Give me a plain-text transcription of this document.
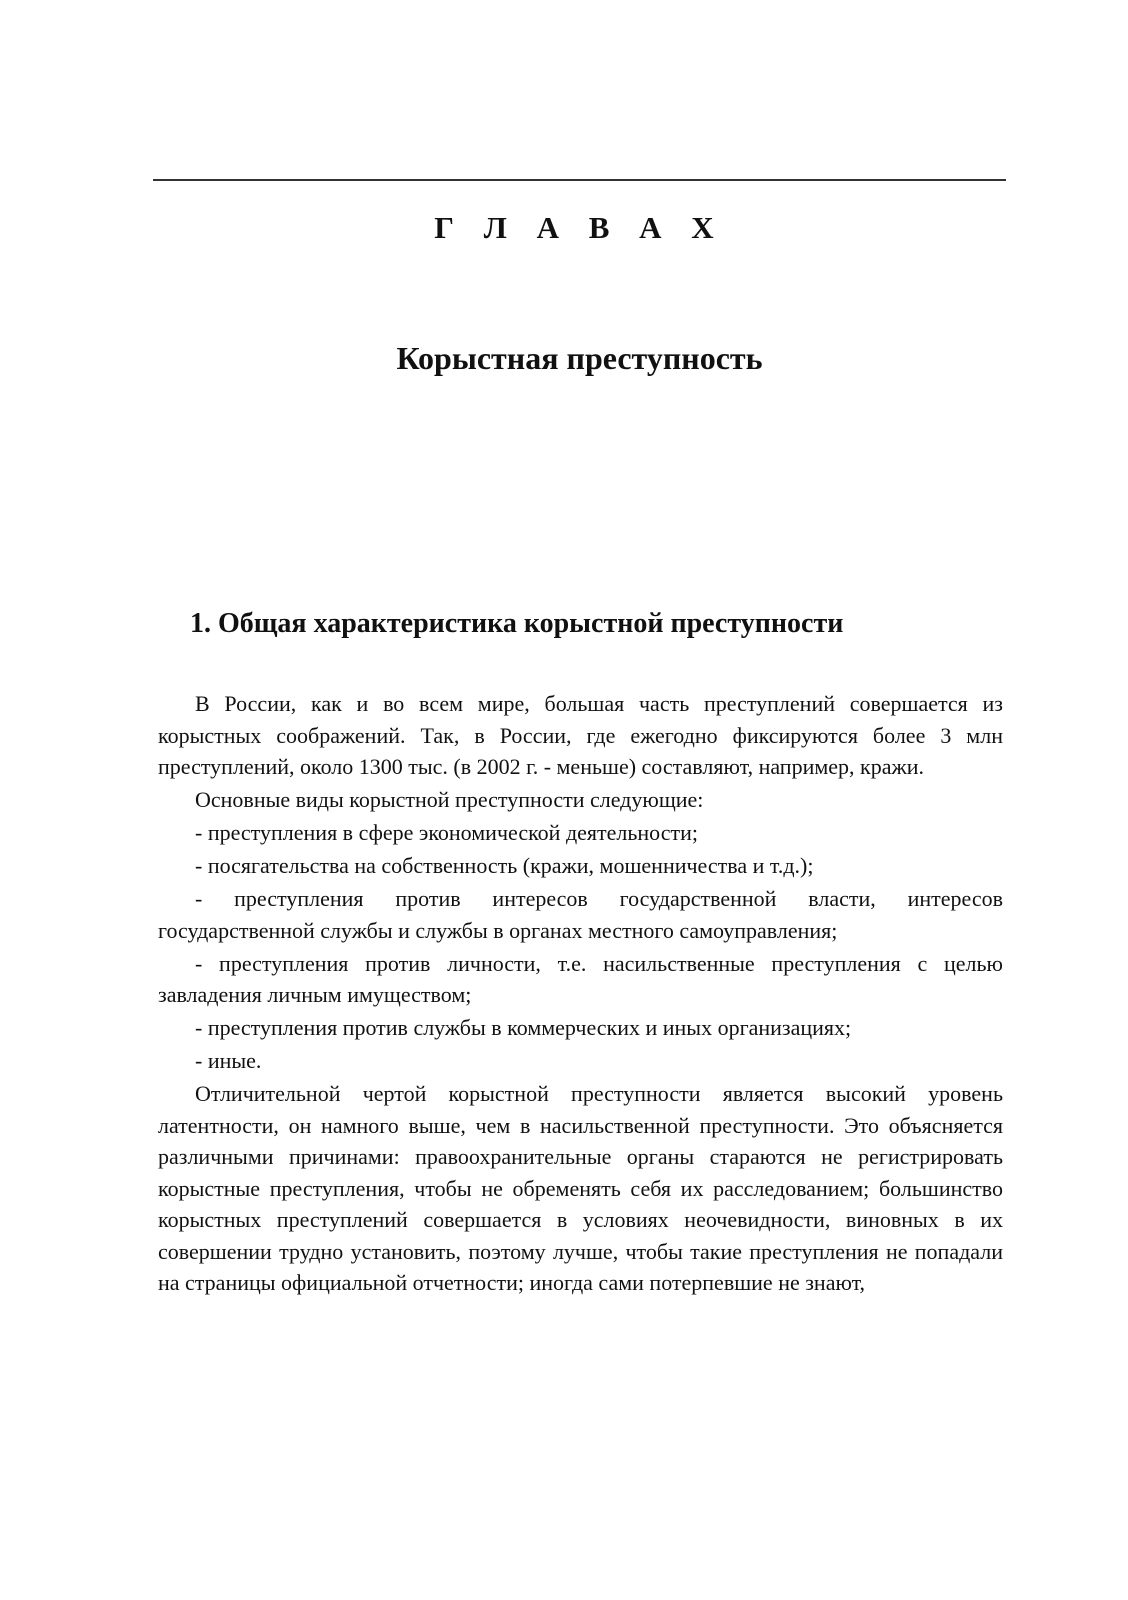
Г Л А В А Х
Корыстная преступность
1. Общая характеристика корыстной преступности

В России, как и во всем мире, большая часть преступлений совершается из корыстных соображений. Так, в России, где ежегодно фиксируются более 3 млн преступлений, около 1300 тыс. (в 2002 г. - меньше) составляют, например, кражи.

Основные виды корыстной преступности следующие:

- преступления в сфере экономической деятельности;

- посягательства на собственность (кражи, мошенничества и т.д.);

- преступления против интересов государственной власти, интересов государственной службы и службы в органах местного самоуправления;

- преступления против личности, т.е. насильственные преступления с целью завладения личным имуществом;

- преступления против службы в коммерческих и иных организациях;

- иные.

Отличительной чертой корыстной преступности является высокий уровень латентности, он намного выше, чем в насильственной преступности. Это объясняется различными причинами: правоохранительные органы стараются не регистрировать корыстные преступления, чтобы не обременять себя их расследованием; большинство корыстных преступлений совершается в условиях неочевидности, виновных в их совершении трудно установить, поэтому лучше, чтобы такие преступления не попадали на страницы официальной отчетности; иногда сами потерпевшие не знают,
